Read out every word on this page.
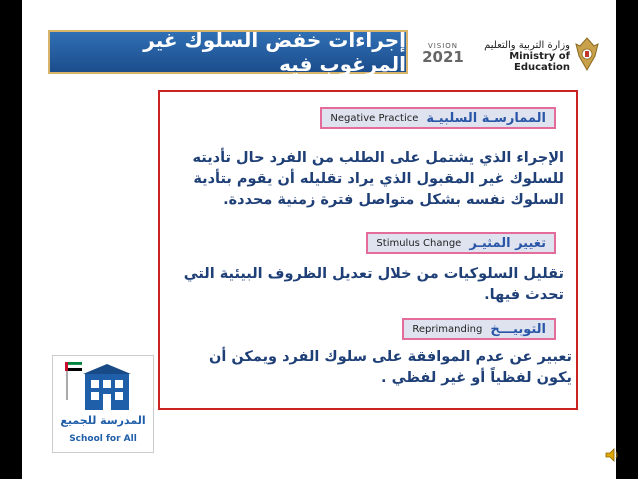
إجراءات خفض السلوك غير المرغوب فيه
VISION
2021
وزارة التربية والتعليم
Ministry of Education
الممارسـة السلبيـة
Negative Practice
الإجراء الذي يشتمل على الطلب من الفرد حال تأديته للسلوك غير المقبول الذي يراد تقليله أن يقوم بتأدية السلوك نفسه بشكل متواصل فترة زمنية محددة.
تغيير المثيـر
Stimulus Change
تقليل السلوكيات من خلال تعديل الظروف البيئية التي تحدث فيها.
التوبيـــخ
Reprimanding
تعبير عن عدم الموافقة على سلوك الفرد ويمكن أن يكون لفظياً أو غير لفظي .
المدرسة للجميع
School for All
